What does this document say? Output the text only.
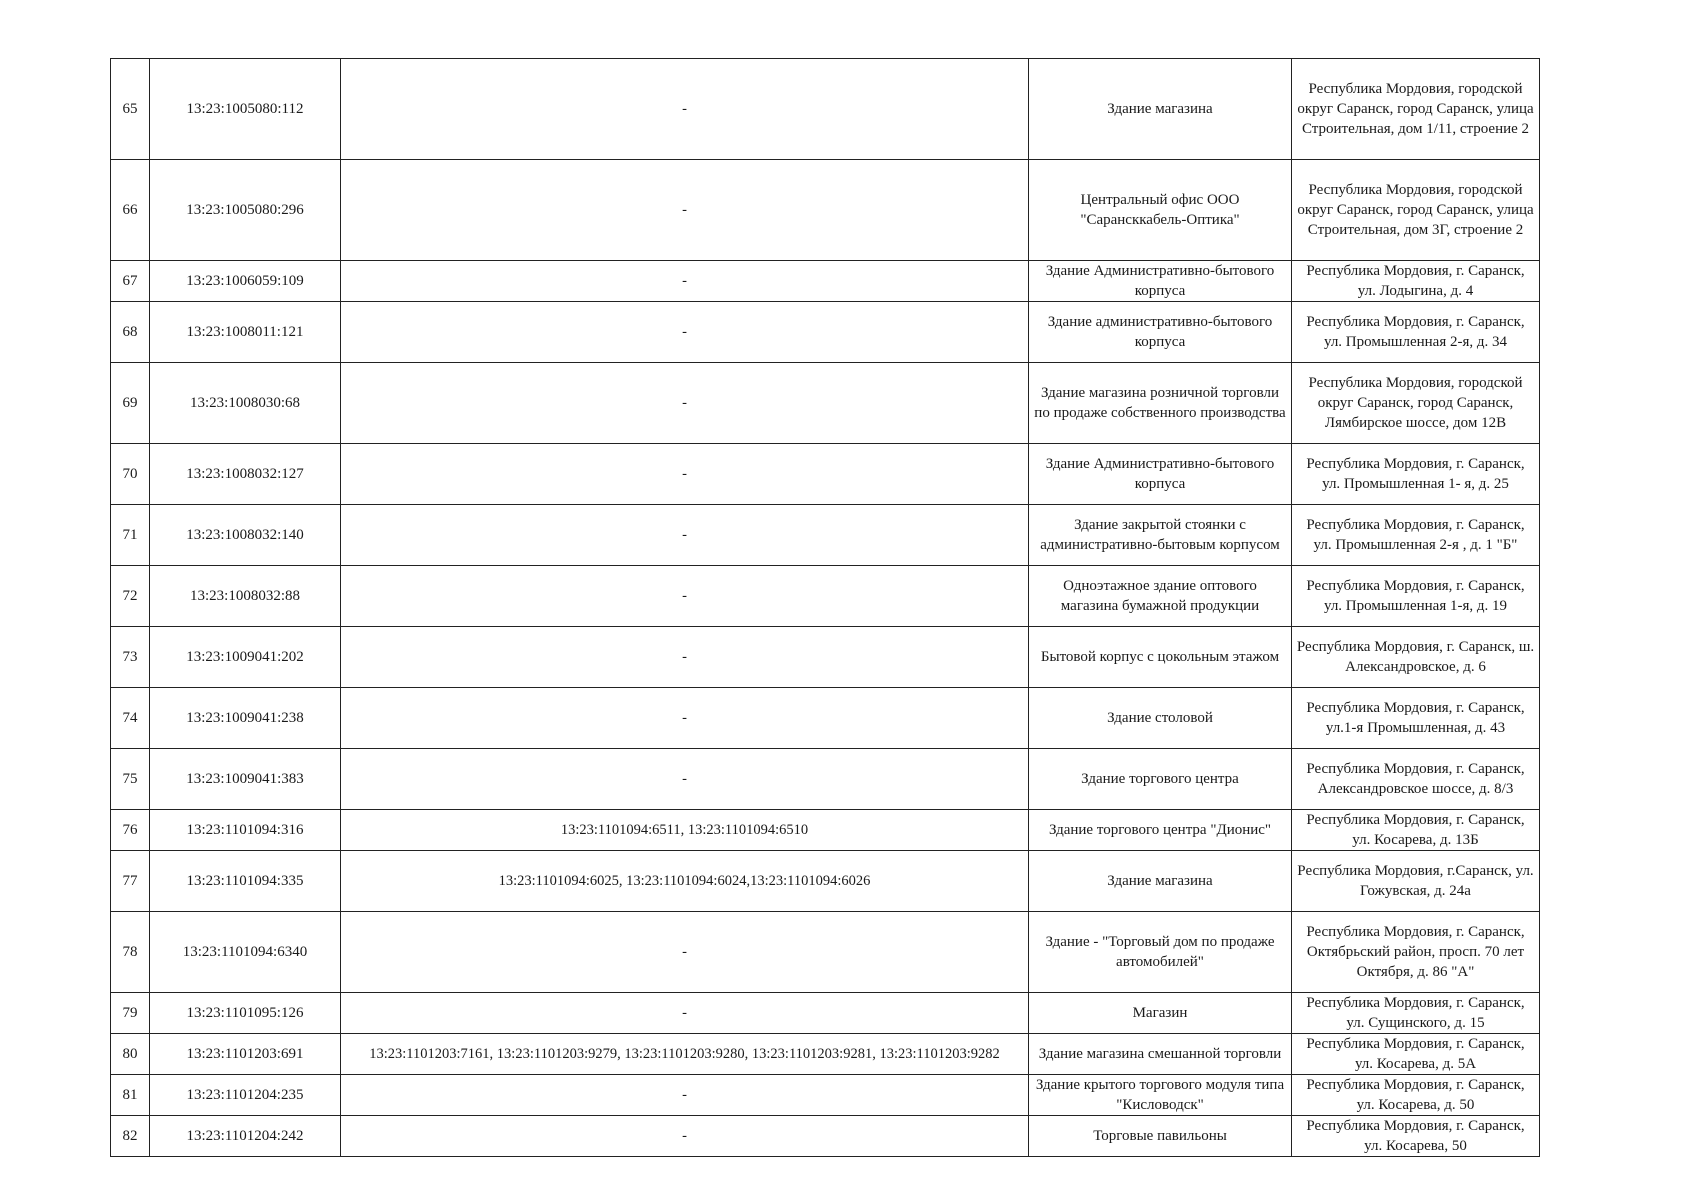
65	13:23:1005080:112	-	Здание магазина	Республика Мордовия, городской округ Саранск, город Саранск, улица Строительная, дом 1/11, строение 2
66	13:23:1005080:296	-	Центральный офис ООО "Сарансккабель-Оптика"	Республика Мордовия, городской округ Саранск, город Саранск, улица Строительная, дом 3Г, строение 2
67	13:23:1006059:109	-	Здание Административно-бытового корпуса	Республика Мордовия, г. Саранск, ул. Лодыгина, д. 4
68	13:23:1008011:121	-	Здание административно-бытового корпуса	Республика Мордовия, г. Саранск, ул. Промышленная 2-я, д. 34
69	13:23:1008030:68	-	Здание магазина розничной торговли по продаже собственного производства	Республика Мордовия, городской округ Саранск, город Саранск, Лямбирское шоссе, дом 12В
70	13:23:1008032:127	-	Здание Административно-бытового корпуса	Республика Мордовия, г. Саранск, ул. Промышленная 1- я, д. 25
71	13:23:1008032:140	-	Здание закрытой стоянки с административно-бытовым корпусом	Республика Мордовия, г. Саранск, ул. Промышленная 2-я , д. 1 "Б"
72	13:23:1008032:88	-	Одноэтажное здание оптового магазина бумажной продукции	Республика Мордовия, г. Саранск, ул. Промышленная 1-я, д. 19
73	13:23:1009041:202	-	Бытовой корпус с цокольным этажом	Республика Мордовия, г. Саранск, ш. Александровское, д. 6
74	13:23:1009041:238	-	Здание столовой	Республика Мордовия, г. Саранск, ул.1-я Промышленная, д. 43
75	13:23:1009041:383	-	Здание торгового центра	Республика Мордовия, г. Саранск, Александровское шоссе, д. 8/3
76	13:23:1101094:316	13:23:1101094:6511, 13:23:1101094:6510	Здание торгового центра "Дионис"	Республика Мордовия, г. Саранск, ул. Косарева, д. 13Б
77	13:23:1101094:335	13:23:1101094:6025, 13:23:1101094:6024,13:23:1101094:6026	Здание магазина	Республика Мордовия, г.Саранск, ул. Гожувская, д. 24а
78	13:23:1101094:6340	-	Здание - "Торговый дом по продаже автомобилей"	Республика Мордовия, г. Саранск, Октябрьский район, просп. 70 лет Октября, д. 86 "А"
79	13:23:1101095:126	-	Магазин	Республика Мордовия, г. Саранск, ул. Сущинского, д. 15
80	13:23:1101203:691	13:23:1101203:7161, 13:23:1101203:9279, 13:23:1101203:9280, 13:23:1101203:9281, 13:23:1101203:9282	Здание магазина смешанной торговли	Республика Мордовия, г. Саранск, ул. Косарева, д. 5А
81	13:23:1101204:235	-	Здание крытого торгового модуля типа "Кисловодск"	Республика Мордовия, г. Саранск, ул. Косарева, д. 50
82	13:23:1101204:242	-	Торговые павильоны	Республика Мордовия, г. Саранск, ул. Косарева, 50
